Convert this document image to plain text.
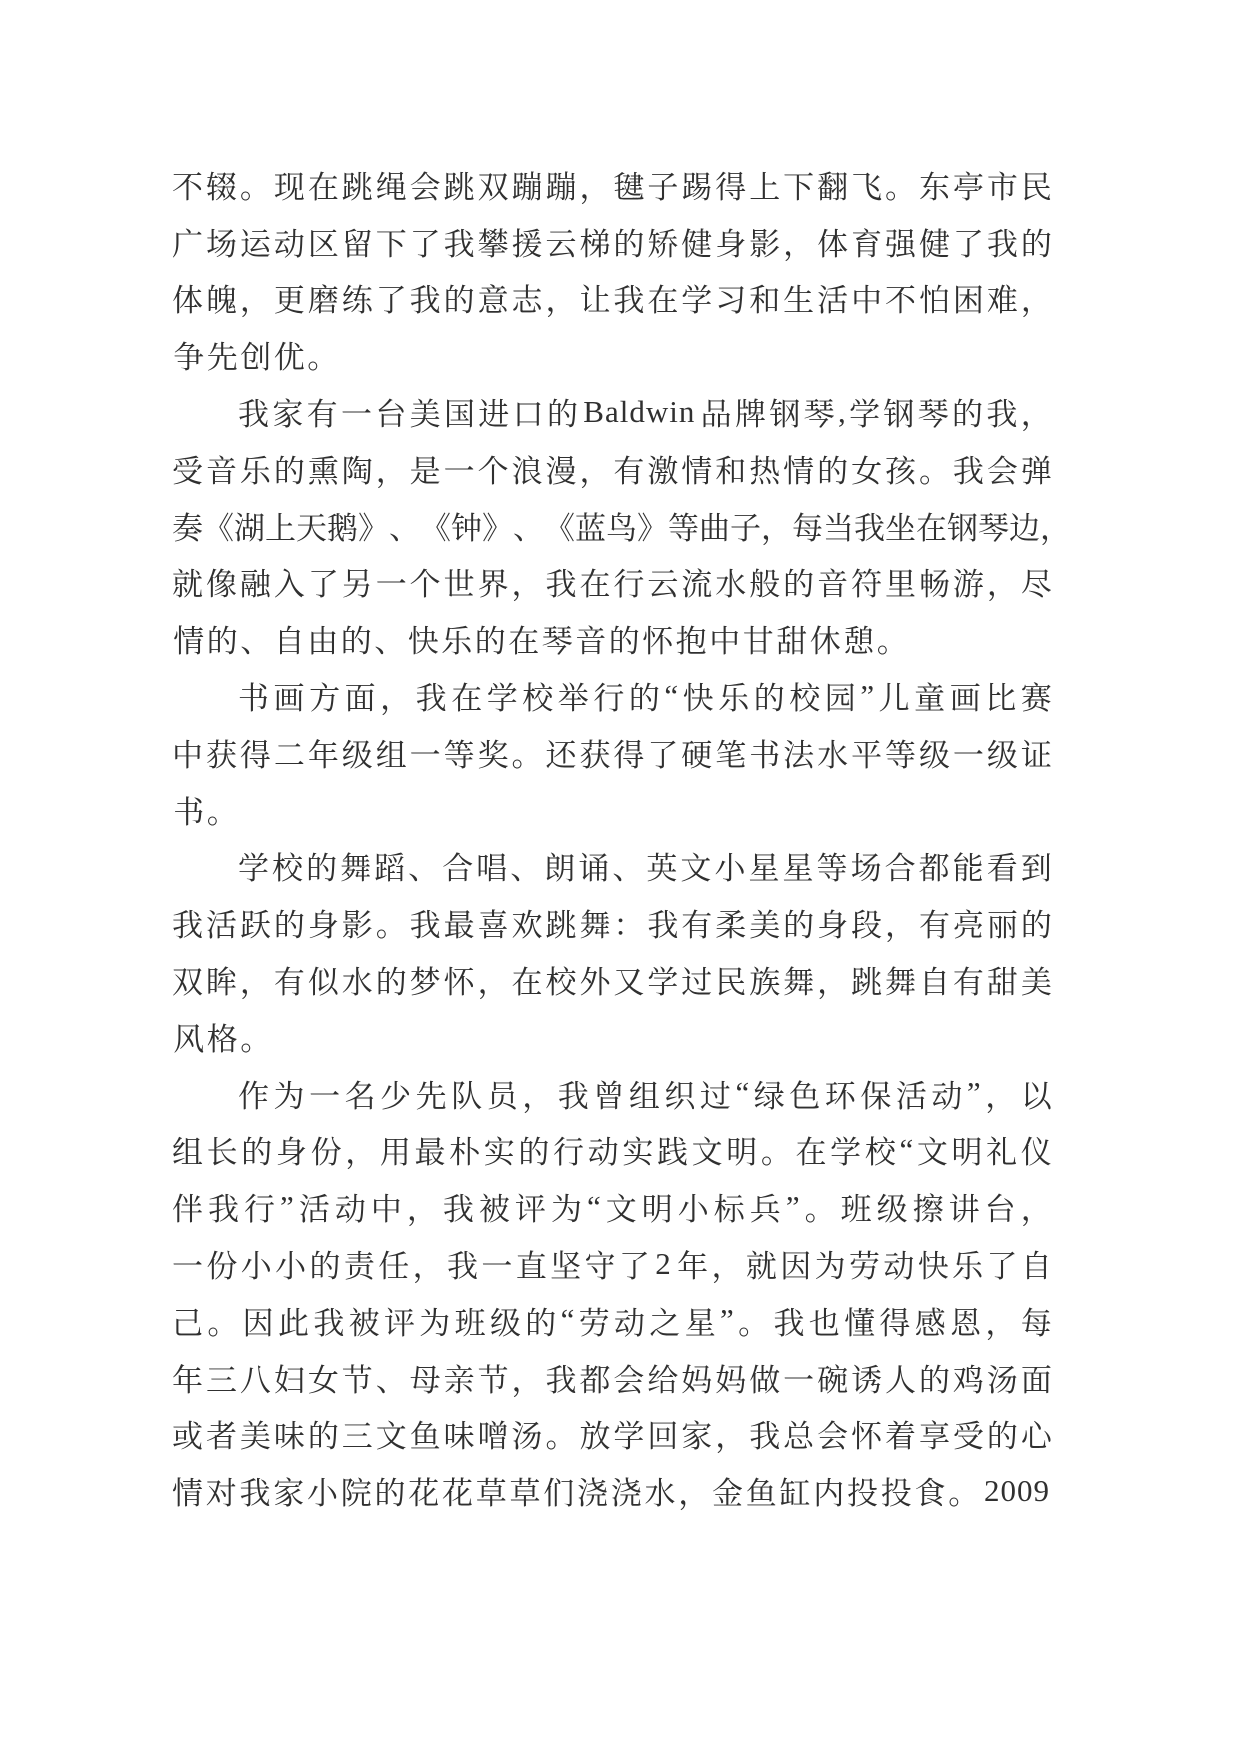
不 辍 。 现 在 跳 绳 会 跳 双 蹦 蹦 ， 毽 子 踢 得 上 下 翻 飞 。 东 亭 市 民
广 场 运 动 区 留 下 了 我 攀 援 云 梯 的 矫 健 身 影 ， 体 育 强 健 了 我 的
体 魄 ， 更 磨 练 了 我 的 意 志 ， 让 我 在 学 习 和 生 活 中 不 怕 困 难 ，
争 先 创 优 。
我 家 有 一 台 美 国 进 口 的 Baldwin 品 牌 钢 琴 , 学 钢 琴 的 我 ，
受 音 乐 的 熏 陶 ， 是 一 个 浪 漫 ， 有 激 情 和 热 情 的 女 孩 。 我 会 弹
奏 《 湖 上 天 鹅 》 、 《 钟 》 、 《 蓝 鸟 》 等 曲 子 ， 每 当 我 坐 在 钢 琴 边 ，
就 像 融 入 了 另 一 个 世 界 ， 我 在 行 云 流 水 般 的 音 符 里 畅 游 ， 尽
情 的 、 自 由 的 、 快 乐 的 在 琴 音 的 怀 抱 中 甘 甜 休 憩 。
书 画 方 面 ， 我 在 学 校 举 行 的 “ 快 乐 的 校 园 ” 儿 童 画 比 赛
中 获 得 二 年 级 组 一 等 奖 。 还 获 得 了 硬 笔 书 法 水 平 等 级 一 级 证
书 。
学 校 的 舞 蹈 、 合 唱 、 朗 诵 、 英 文 小 星 星 等 场 合 都 能 看 到
我 活 跃 的 身 影 。 我 最 喜 欢 跳 舞 ： 我 有 柔 美 的 身 段 ， 有 亮 丽 的
双 眸 ， 有 似 水 的 梦 怀 ， 在 校 外 又 学 过 民 族 舞 ， 跳 舞 自 有 甜 美
风 格 。
作 为 一 名 少 先 队 员 ， 我 曾 组 织 过 “ 绿 色 环 保 活 动 ” ， 以
组 长 的 身 份 ， 用 最 朴 实 的 行 动 实 践 文 明 。 在 学 校 “ 文 明 礼 仪
伴 我 行 ” 活 动 中 ， 我 被 评 为 “ 文 明 小 标 兵 ” 。 班 级 擦 讲 台 ，
一 份 小 小 的 责 任 ， 我 一 直 坚 守 了 2 年 ， 就 因 为 劳 动 快 乐 了 自
己 。 因 此 我 被 评 为 班 级 的 “ 劳 动 之 星 ” 。 我 也 懂 得 感 恩 ， 每
年 三 八 妇 女 节 、 母 亲 节 ， 我 都 会 给 妈 妈 做 一 碗 诱 人 的 鸡 汤 面
或 者 美 味 的 三 文 鱼 味 噌 汤 。 放 学 回 家 ， 我 总 会 怀 着 享 受 的 心
情 对 我 家 小 院 的 花 花 草 草 们 浇 浇 水 ， 金 鱼 缸 内 投 投 食 。 2009
